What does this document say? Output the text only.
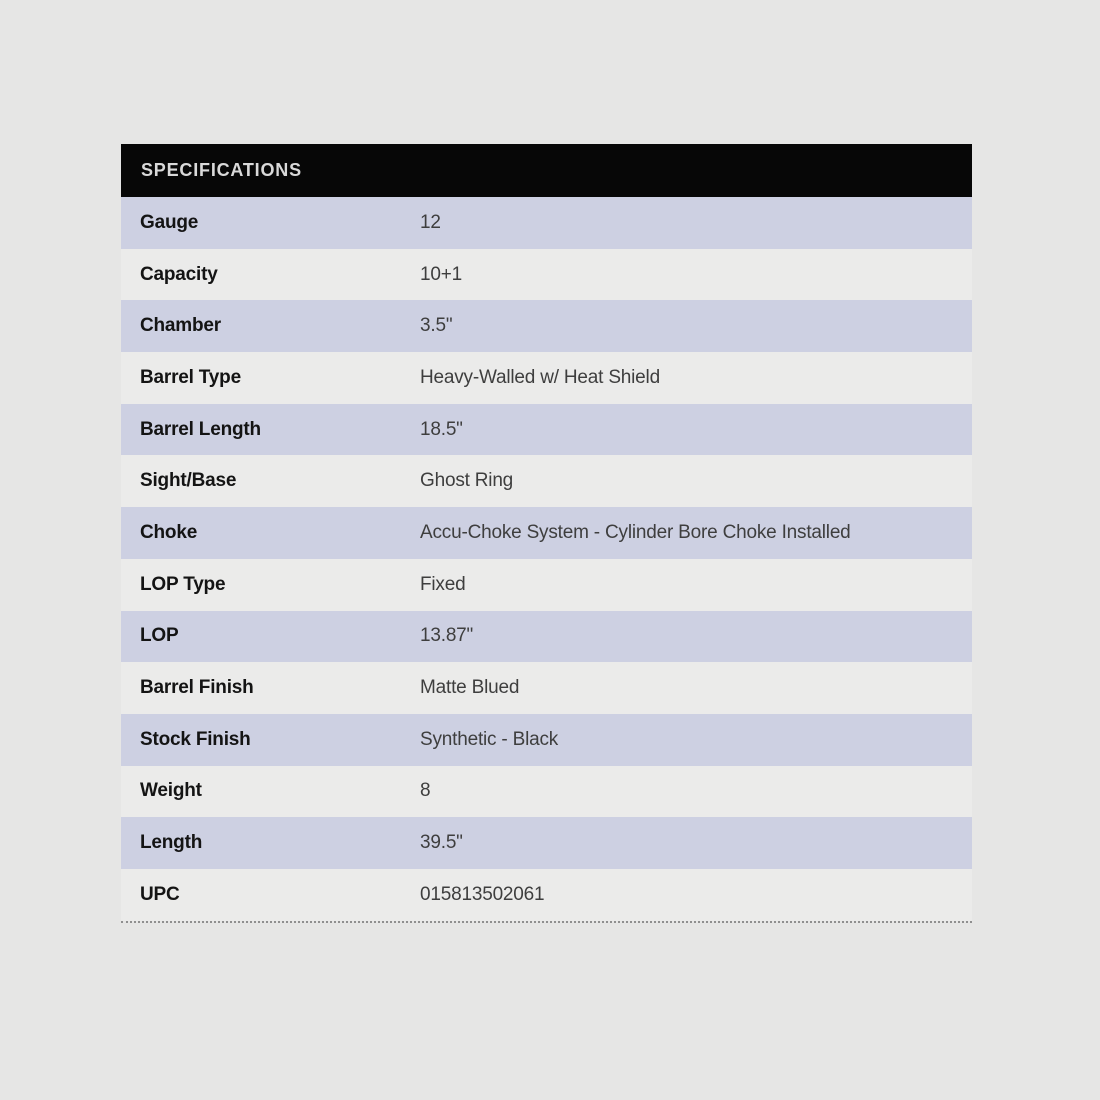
SPECIFICATIONS
Gauge	12
Capacity	10+1
Chamber	3.5"
Barrel Type	Heavy-Walled w/ Heat Shield
Barrel Length	18.5"
Sight/Base	Ghost Ring
Choke	Accu-Choke System - Cylinder Bore Choke Installed
LOP Type	Fixed
LOP	13.87"
Barrel Finish	Matte Blued
Stock Finish	Synthetic - Black
Weight	8
Length	39.5"
UPC	015813502061
